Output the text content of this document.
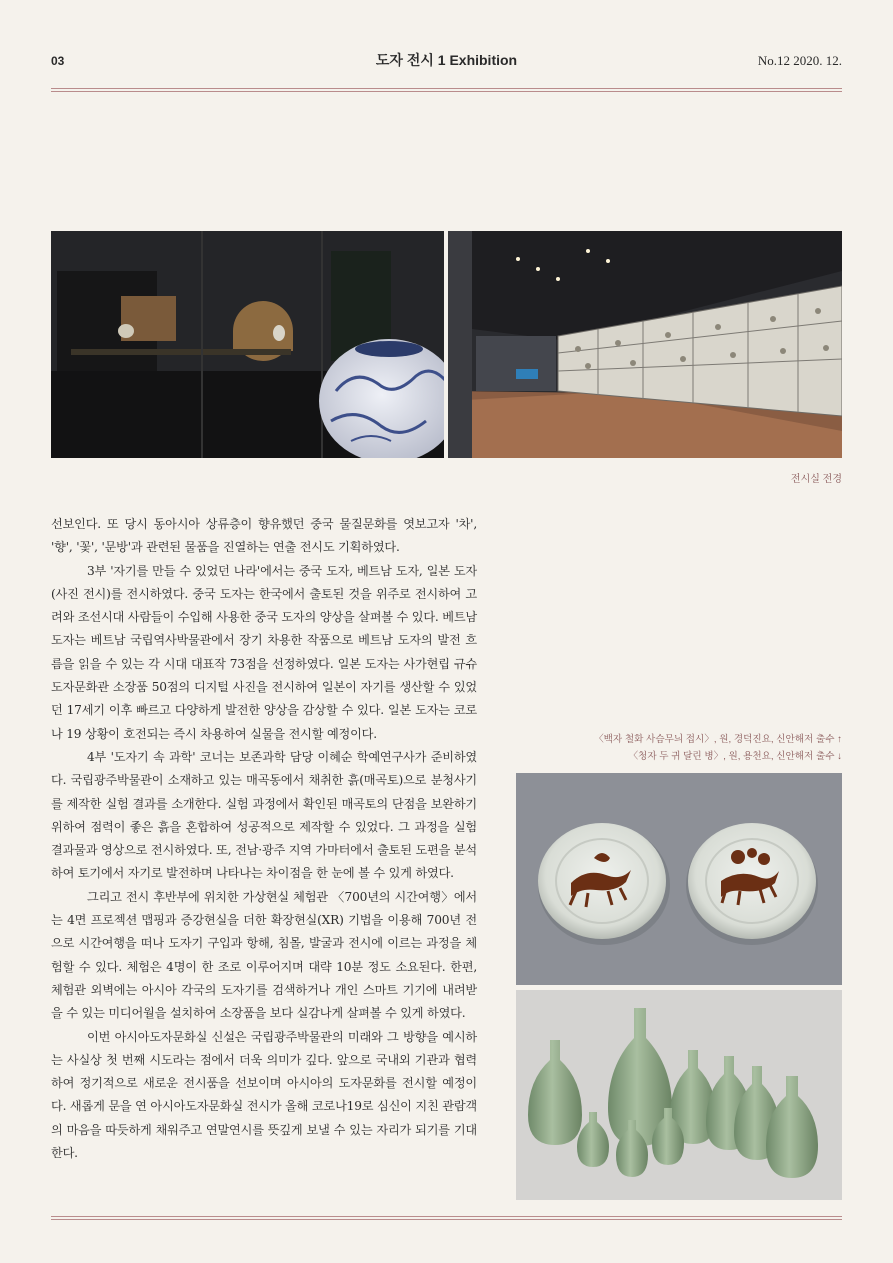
03	도자 전시 1 Exhibition	No.12 2020. 12.
전시실 전경

선보인다. 또 당시 동아시아 상류층이 향유했던 중국 물질문화를 엿보고자 '차', '향', '꽃', '문방'과 관련된 물품을 진열하는 연출 전시도 기획하였다.

3부 '자기를 만들 수 있었던 나라'에서는 중국 도자, 베트남 도자, 일본 도자(사진 전시)를 전시하였다. 중국 도자는 한국에서 출토된 것을 위주로 전시하여 고려와 조선시대 사람들이 수입해 사용한 중국 도자의 양상을 살펴볼 수 있다. 베트남 도자는 베트남 국립역사박물관에서 장기 차용한 작품으로 베트남 도자의 발전 흐름을 읽을 수 있는 각 시대 대표작 73점을 선정하였다. 일본 도자는 사가현립 규슈도자문화관 소장품 50점의 디지털 사진을 전시하여 일본이 자기를 생산할 수 있었던 17세기 이후 빠르고 다양하게 발전한 양상을 감상할 수 있다. 일본 도자는 코로나 19 상황이 호전되는 즉시 차용하여 실물을 전시할 예정이다.

4부 '도자기 속 과학' 코너는 보존과학 담당 이혜순 학예연구사가 준비하였다. 국립광주박물관이 소재하고 있는 매곡동에서 채취한 흙(매곡토)으로 분청사기를 제작한 실험 결과를 소개한다. 실험 과정에서 확인된 매곡토의 단점을 보완하기 위하여 점력이 좋은 흙을 혼합하여 성공적으로 제작할 수 있었다. 그 과정을 실험 결과물과 영상으로 전시하였다. 또, 전남·광주 지역 가마터에서 출토된 도편을 분석하여 토기에서 자기로 발전하며 나타나는 차이점을 한 눈에 볼 수 있게 하였다.

그리고 전시 후반부에 위치한 가상현실 체험관 〈700년의 시간여행〉에서는 4면 프로젝션 맵핑과 증강현실을 더한 확장현실(XR) 기법을 이용해 700년 전으로 시간여행을 떠나 도자기 구입과 항해, 침몰, 발굴과 전시에 이르는 과정을 체험할 수 있다. 체험은 4명이 한 조로 이루어지며 대략 10분 정도 소요된다. 한편, 체험관 외벽에는 아시아 각국의 도자기를 검색하거나 개인 스마트 기기에 내려받을 수 있는 미디어월을 설치하여 소장품을 보다 실감나게 살펴볼 수 있게 하였다.

이번 아시아도자문화실 신설은 국립광주박물관의 미래와 그 방향을 예시하는 사실상 첫 번째 시도라는 점에서 더욱 의미가 깊다. 앞으로 국내외 기관과 협력하여 정기적으로 새로운 전시품을 선보이며 아시아의 도자문화를 전시할 예정이다. 새롭게 문을 연 아시아도자문화실 전시가 올해 코로나19로 심신이 지친 관람객의 마음을 따듯하게 채워주고 연말연시를 뜻깊게 보낼 수 있는 자리가 되기를 기대한다.

〈백자 철화 사슴무늬 접시〉, 원, 경덕진요, 신안해저 출수 ↑
〈청자 두 귀 달린 병〉, 원, 용천요, 신안해저 출수 ↓
